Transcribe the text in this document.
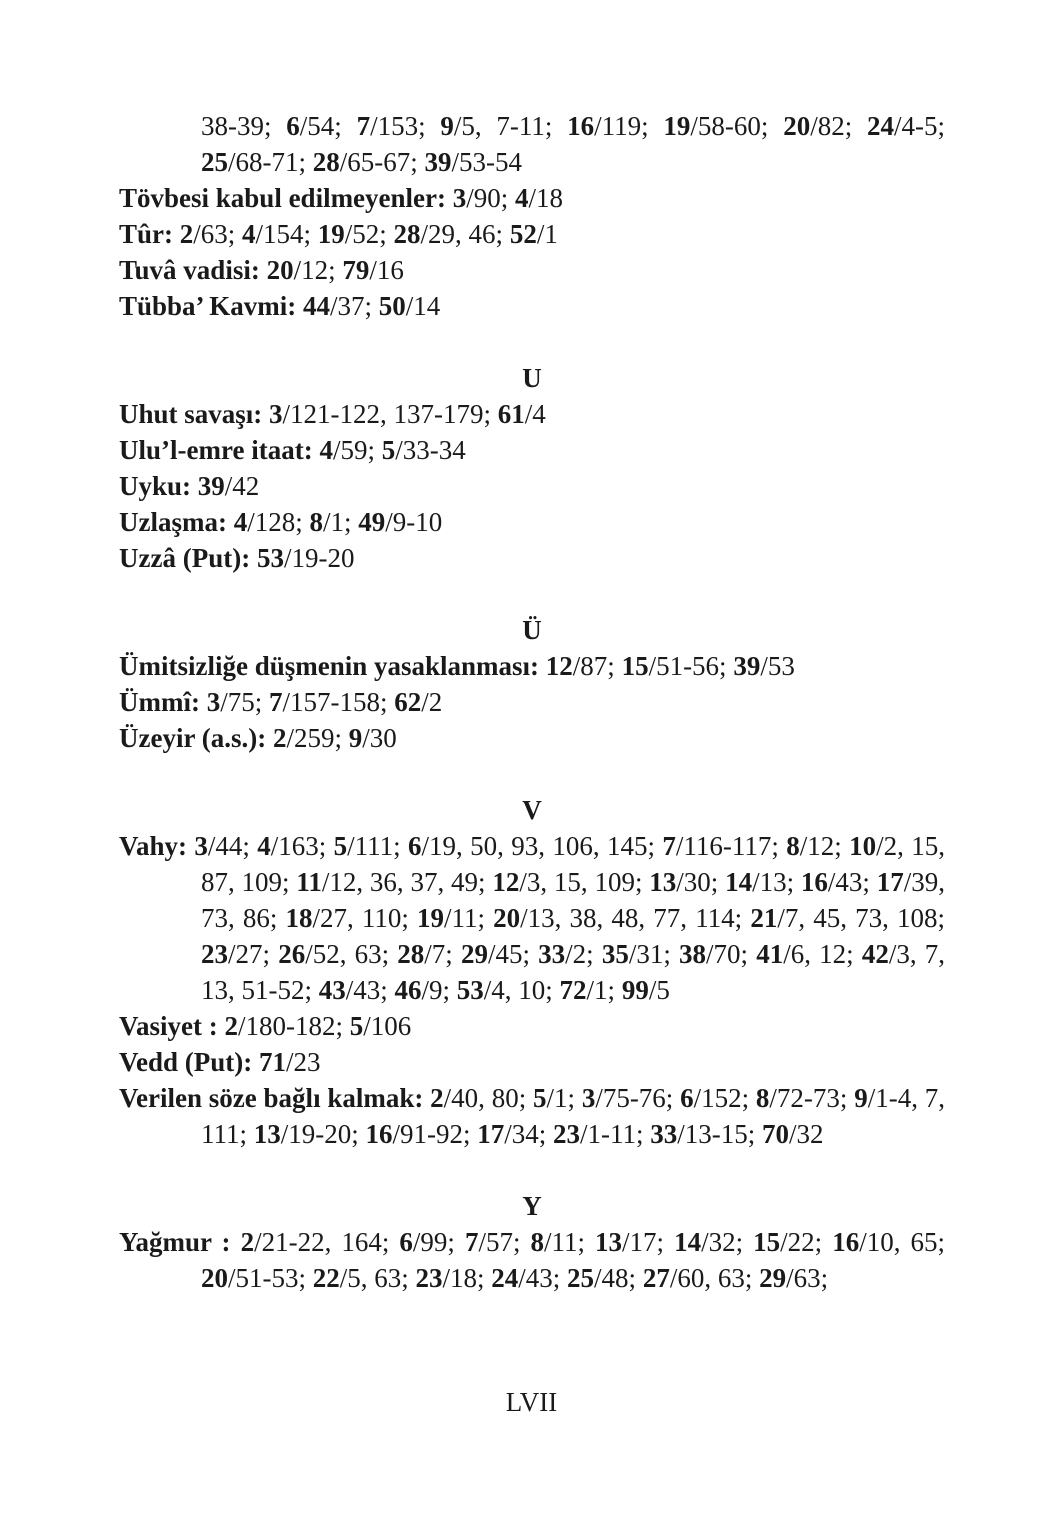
38-39; 6/54; 7/153; 9/5, 7-11; 16/119; 19/58-60; 20/82; 24/4-5; 25/68-71; 28/65-67; 39/53-54
Tövbesi kabul edilmeyenler: 3/90; 4/18
Tûr: 2/63; 4/154; 19/52; 28/29, 46; 52/1
Tuvâ vadisi: 20/12; 79/16
Tübba’ Kavmi: 44/37; 50/14
U
Uhut savaşı: 3/121-122, 137-179; 61/4
Ulu’l-emre itaat: 4/59; 5/33-34
Uyku: 39/42
Uzlaşma: 4/128; 8/1; 49/9-10
Uzzâ (Put): 53/19-20
Ü
Ümitsizliğe düşmenin yasaklanması: 12/87; 15/51-56; 39/53
Ümmî: 3/75; 7/157-158; 62/2
Üzeyir (a.s.): 2/259; 9/30
V
Vahy: 3/44; 4/163; 5/111; 6/19, 50, 93, 106, 145; 7/116-117; 8/12; 10/2, 15, 87, 109; 11/12, 36, 37, 49; 12/3, 15, 109; 13/30; 14/13; 16/43; 17/39, 73, 86; 18/27, 110; 19/11; 20/13, 38, 48, 77, 114; 21/7, 45, 73, 108; 23/27; 26/52, 63; 28/7; 29/45; 33/2; 35/31; 38/70; 41/6, 12; 42/3, 7, 13, 51-52; 43/43; 46/9; 53/4, 10; 72/1; 99/5
Vasiyet : 2/180-182; 5/106
Vedd (Put): 71/23
Verilen söze bağlı kalmak: 2/40, 80; 5/1; 3/75-76; 6/152; 8/72-73; 9/1-4, 7, 111; 13/19-20; 16/91-92; 17/34; 23/1-11; 33/13-15; 70/32
Y
Yağmur : 2/21-22, 164; 6/99; 7/57; 8/11; 13/17; 14/32; 15/22; 16/10, 65; 20/51-53; 22/5, 63; 23/18; 24/43; 25/48; 27/60, 63; 29/63;
LVII
